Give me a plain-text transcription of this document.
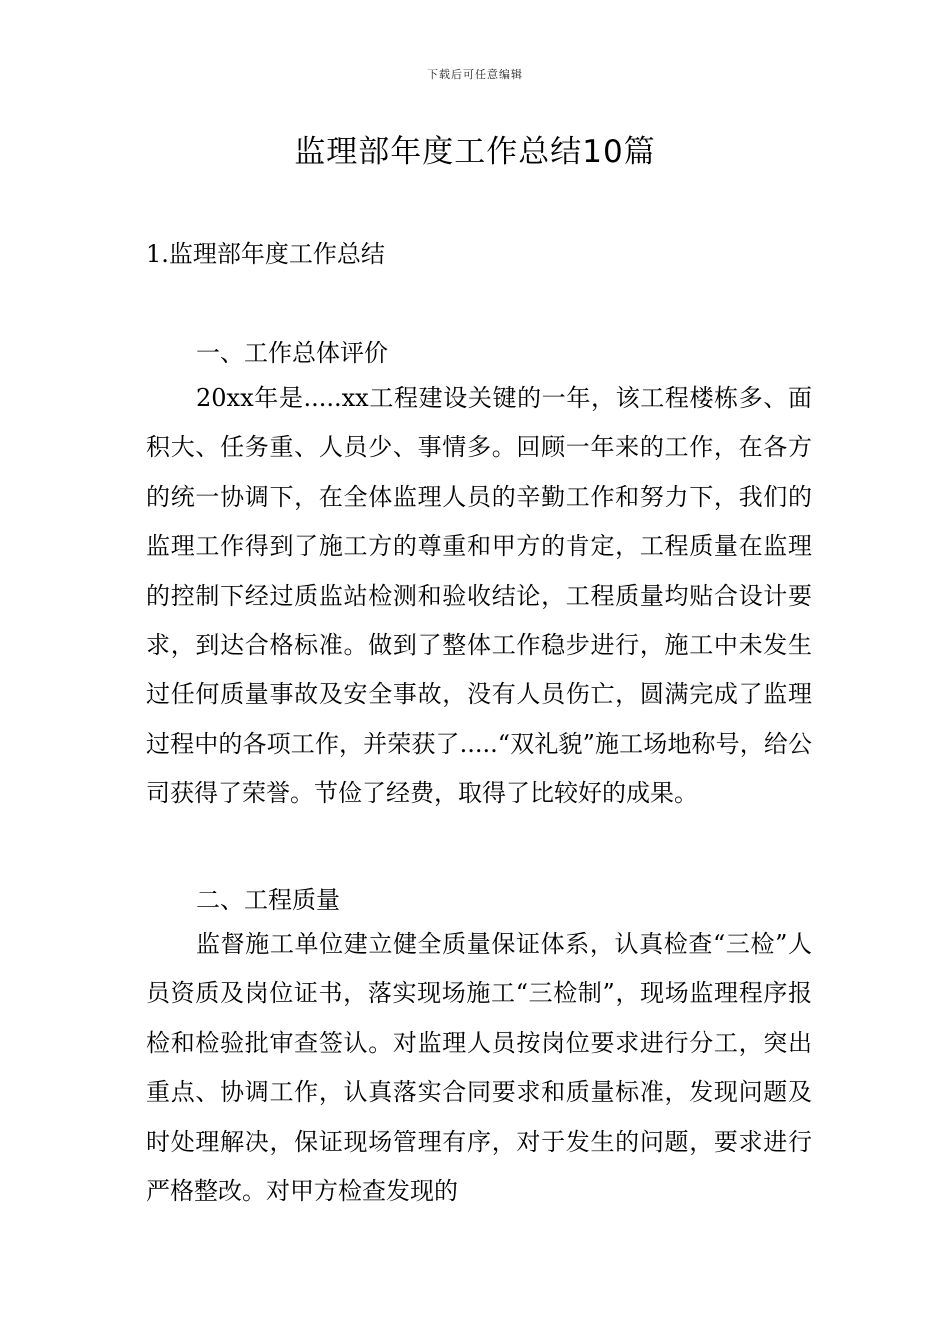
下载后可任意编辑
监理部年度工作总结10篇
1.监理部年度工作总结
一、工作总体评价
20xx年是.....xx工程建设关键的一年，该工程楼栋多、面积大、任务重、人员少、事情多。回顾一年来的工作，在各方的统一协调下，在全体监理人员的辛勤工作和努力下，我们的监理工作得到了施工方的尊重和甲方的肯定，工程质量在监理的控制下经过质监站检测和验收结论，工程质量均贴合设计要求，到达合格标准。做到了整体工作稳步进行，施工中未发生过任何质量事故及安全事故，没有人员伤亡，圆满完成了监理过程中的各项工作，并荣获了.....“双礼貌”施工场地称号，给公司获得了荣誉。节俭了经费，取得了比较好的成果。
二、工程质量
监督施工单位建立健全质量保证体系，认真检查“三检”人员资质及岗位证书，落实现场施工“三检制”，现场监理程序报检和检验批审查签认。对监理人员按岗位要求进行分工，突出重点、协调工作，认真落实合同要求和质量标准，发现问题及时处理解决，保证现场管理有序，对于发生的问题，要求进行严格整改。对甲方检查发现的
